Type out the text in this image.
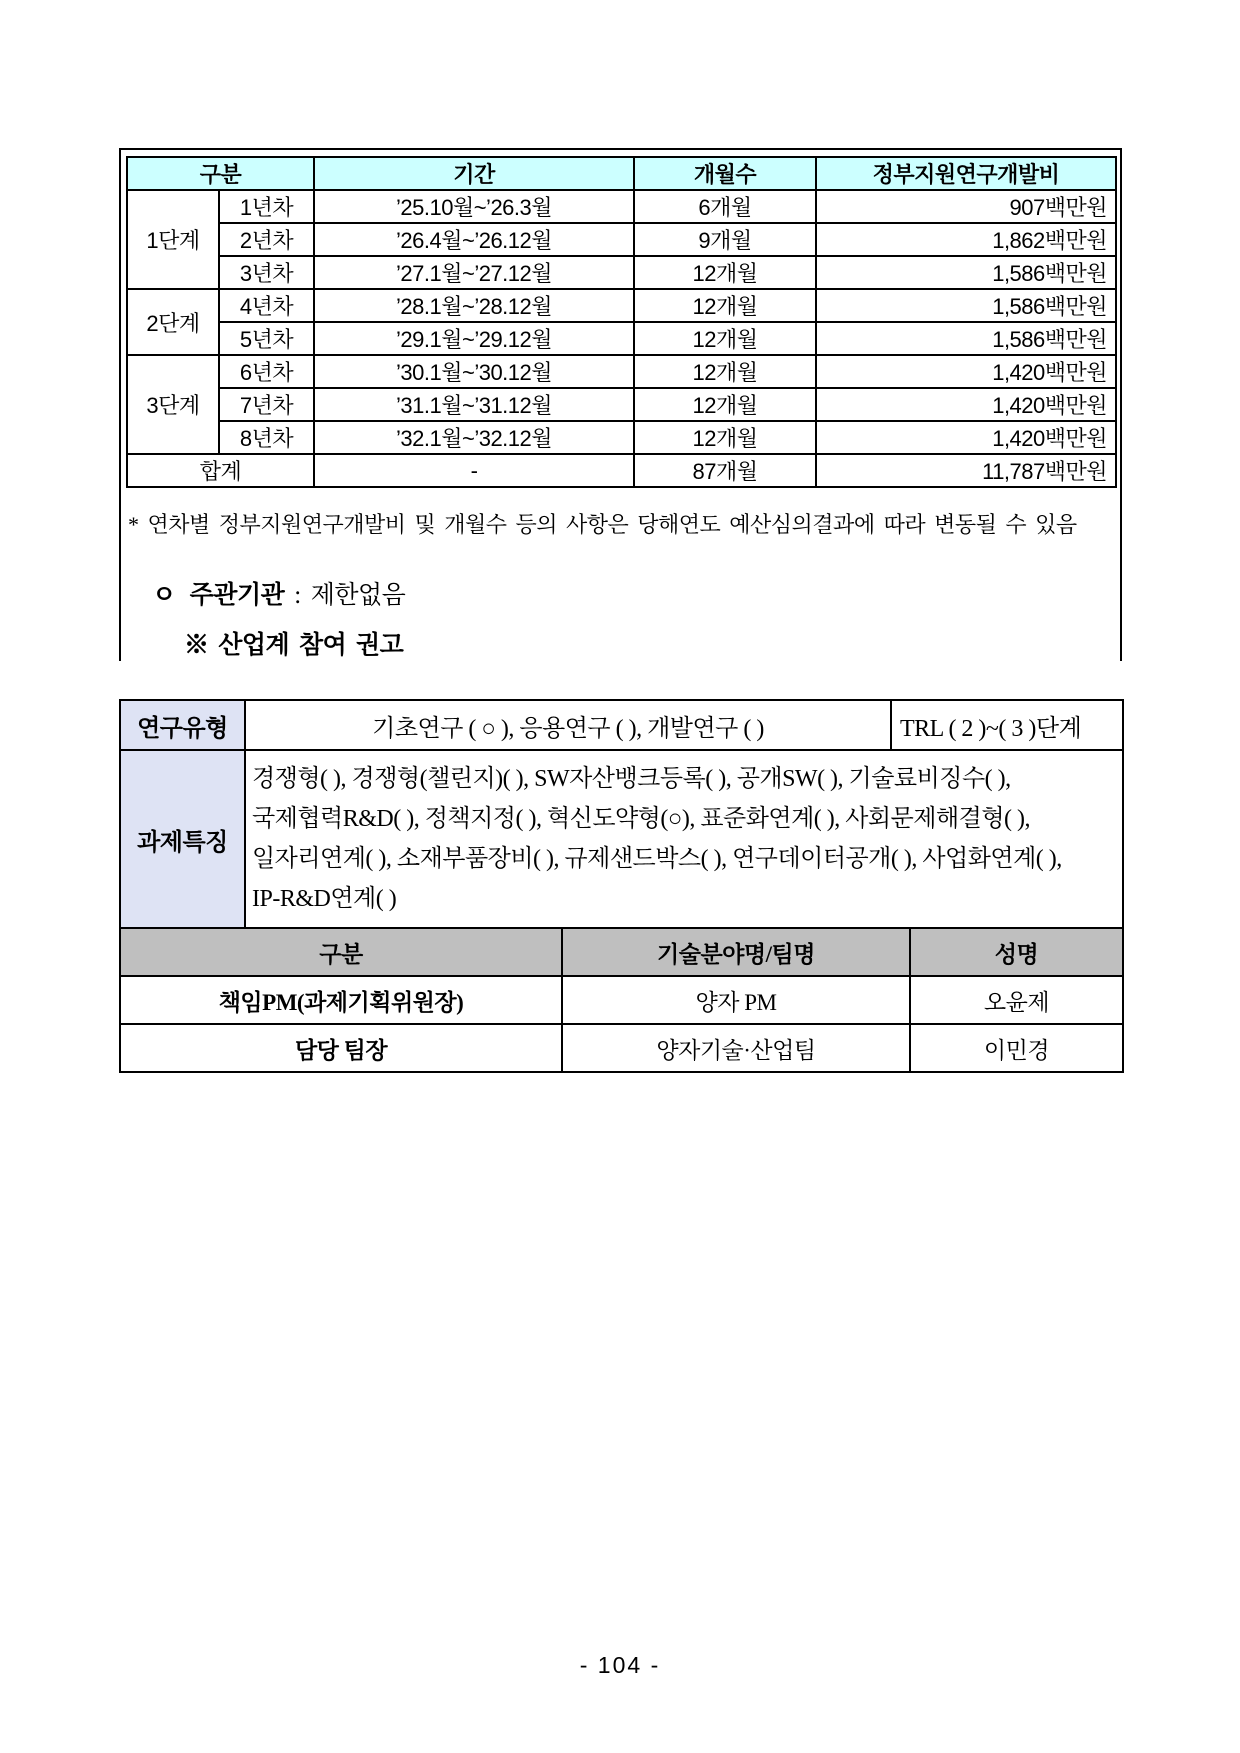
구분		기간	개월수	정부지원연구개발비
1단계	1년차	’25.10월~’26.3월	6개월	907백만원
	2년차	’26.4월~’26.12월	9개월	1,862백만원
	3년차	’27.1월~’27.12월	12개월	1,586백만원
2단계	4년차	’28.1월~’28.12월	12개월	1,586백만원
	5년차	’29.1월~’29.12월	12개월	1,586백만원
3단계	6년차	’30.1월~’30.12월	12개월	1,420백만원
	7년차	’31.1월~’31.12월	12개월	1,420백만원
	8년차	’32.1월~’32.12월	12개월	1,420백만원
합계		-	87개월	11,787백만원
* 연차별 정부지원연구개발비 및 개월수 등의 사항은 당해연도 예산심의결과에 따라 변동될 수 있음
ㅇ 주관기관 : 제한없음
※ 산업계 참여 권고
연구유형	기초연구 ( ○ ), 응용연구 ( ), 개발연구 ( )	TRL ( 2 )~( 3 )단계
과제특징	경쟁형( ), 경쟁형(챌린지)( ), SW자산뱅크등록( ), 공개SW( ), 기술료비징수( ),
국제협력R&D( ), 정책지정( ), 혁신도약형(○), 표준화연계( ), 사회문제해결형( ),
일자리연계( ), 소재부품장비( ), 규제샌드박스( ), 연구데이터공개( ), 사업화연계( ),
IP-R&D연계( )	
구분	기술분야명/팀명	성명
책임PM(과제기획위원장)	양자 PM	오윤제
담당 팀장	양자기술·산업팀	이민경
- 104 -
